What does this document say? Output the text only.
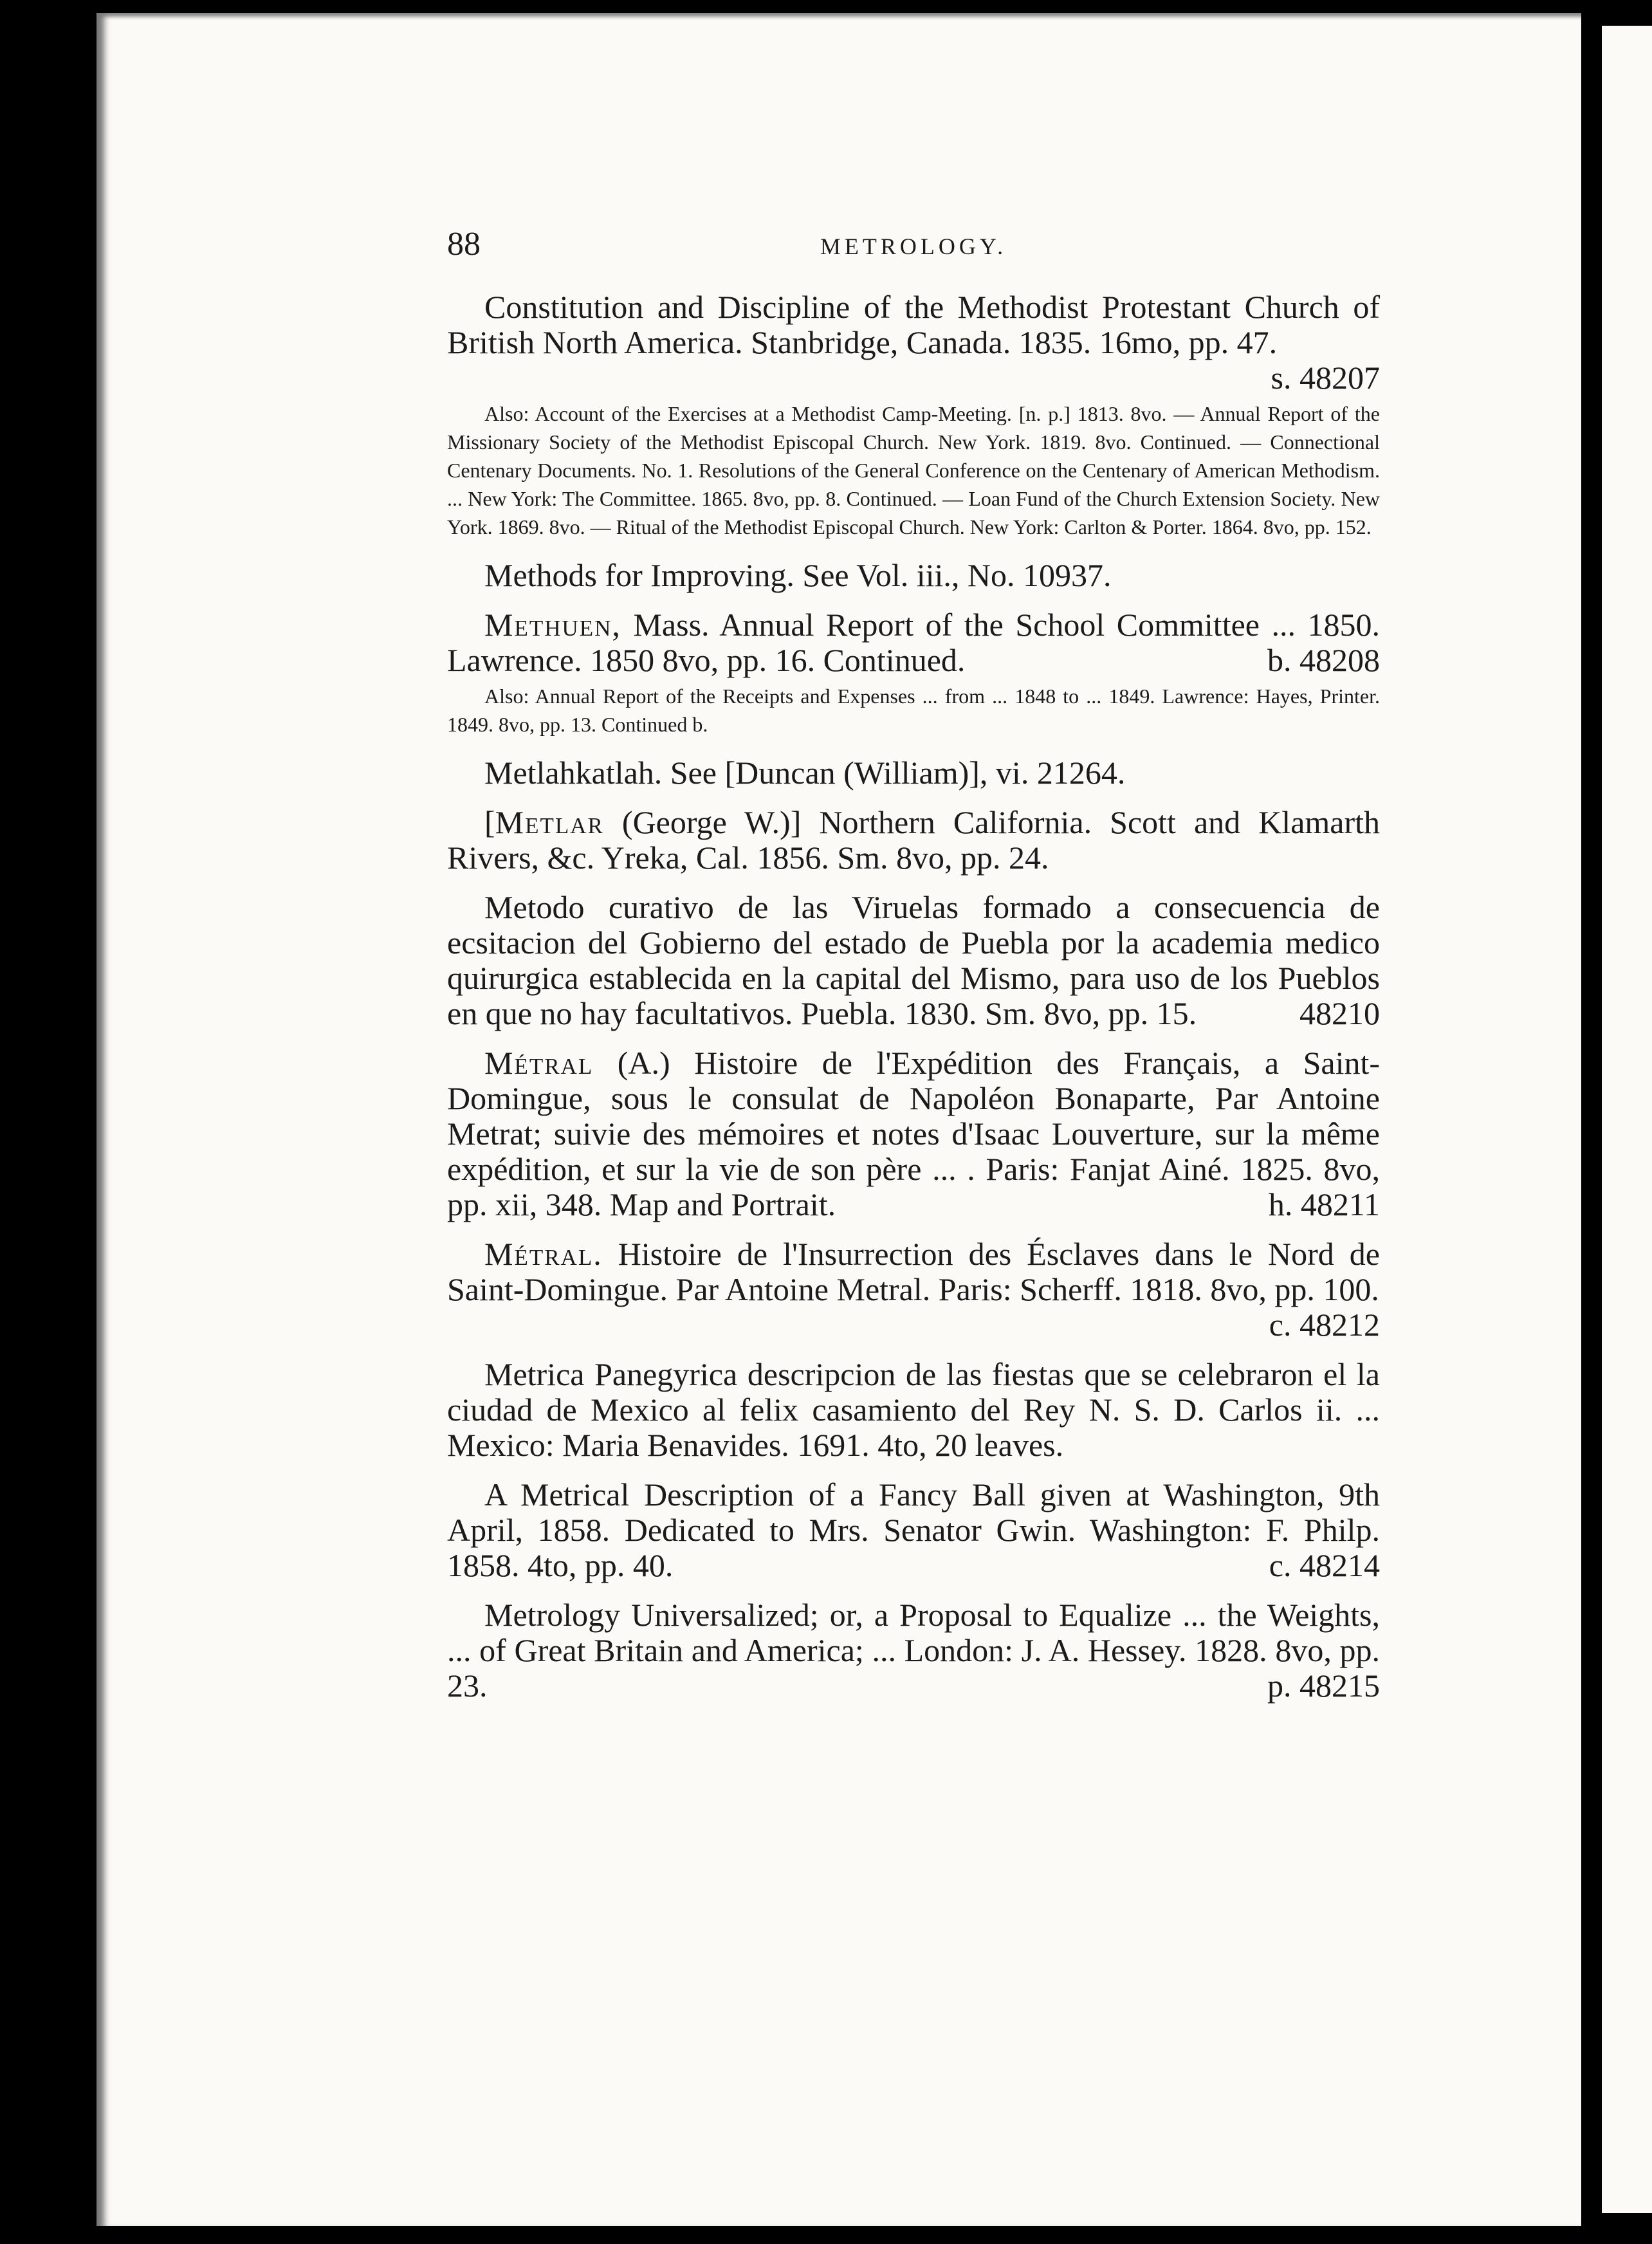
88	METROLOGY.

Constitution and Discipline of the Methodist Protestant Church of British North America. Stanbridge, Canada. 1835. 16mo, pp. 47.
s. 48207

Also: Account of the Exercises at a Methodist Camp-Meeting. [n. p.] 1813. 8vo. — Annual Report of the Missionary Society of the Methodist Episcopal Church. New York. 1819. 8vo. Continued. — Connectional Centenary Documents. No. 1. Resolutions of the General Conference on the Centenary of American Methodism. ... New York: The Committee. 1865. 8vo, pp. 8. Continued. — Loan Fund of the Church Extension Society. New York. 1869. 8vo. — Ritual of the Methodist Episcopal Church. New York: Carlton & Porter. 1864. 8vo, pp. 152.

Methods for Improving. See Vol. iii., No. 10937.

Methuen, Mass. Annual Report of the School Committee ... 1850. Lawrence. 1850 8vo, pp. 16. Continued.	b. 48208

Also: Annual Report of the Receipts and Expenses ... from ... 1848 to ... 1849. Lawrence: Hayes, Printer. 1849. 8vo, pp. 13. Continued b.

Metlahkatlah. See [Duncan (William)], vi. 21264.

[Metlar (George W.)] Northern California. Scott and Klamarth Rivers, &c. Yreka, Cal. 1856. Sm. 8vo, pp. 24.

Metodo curativo de las Viruelas formado a consecuencia de ecsitacion del Gobierno del estado de Puebla por la academia medico quirurgica establecida en la capital del Mismo, para uso de los Pueblos en que no hay facultativos. Puebla. 1830. Sm. 8vo, pp. 15.	48210

Métral (A.) Histoire de l'Expédition des Français, a Saint-Domingue, sous le consulat de Napoléon Bonaparte, Par Antoine Metrat; suivie des mémoires et notes d'Isaac Louverture, sur la même expédition, et sur la vie de son père ... . Paris: Fanjat Ainé. 1825. 8vo, pp. xii, 348. Map and Portrait.	h. 48211

Métral. Histoire de l'Insurrection des Ésclaves dans le Nord de Saint-Domingue. Par Antoine Metral. Paris: Scherff. 1818. 8vo, pp. 100.
c. 48212

Metrica Panegyrica descripcion de las fiestas que se celebraron el la ciudad de Mexico al felix casamiento del Rey N. S. D. Carlos ii. ... Mexico: Maria Benavides. 1691. 4to, 20 leaves.

A Metrical Description of a Fancy Ball given at Washington, 9th April, 1858. Dedicated to Mrs. Senator Gwin. Washington: F. Philp. 1858. 4to, pp. 40.	c. 48214

Metrology Universalized; or, a Proposal to Equalize ... the Weights, ... of Great Britain and America; ... London: J. A. Hessey. 1828. 8vo, pp. 23.	p. 48215
